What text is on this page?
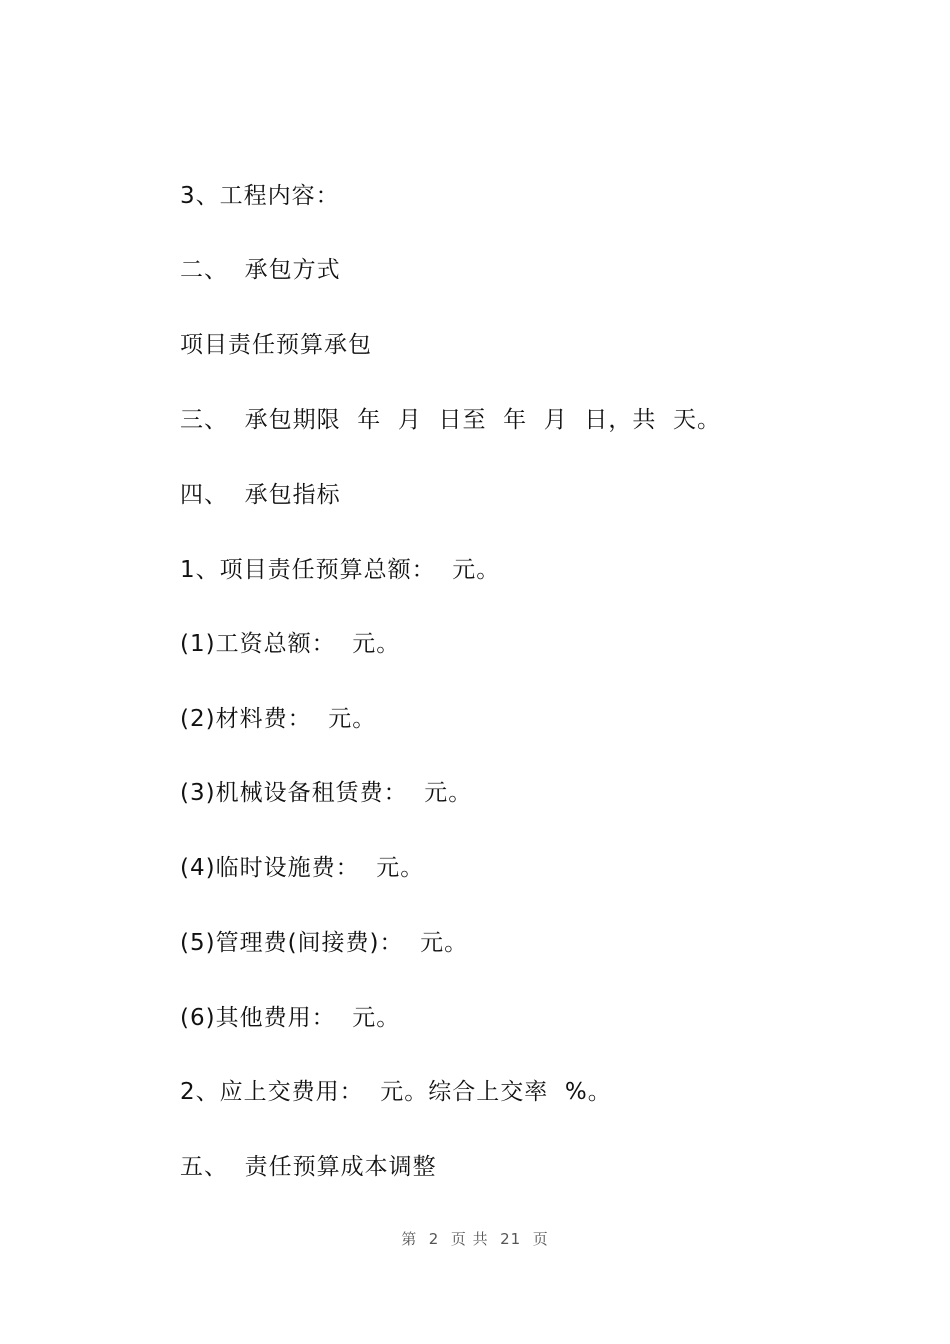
3、工程内容：
二、  承包方式
项目责任预算承包
三、  承包期限  年  月  日至  年  月  日，共  天。
四、  承包指标
1、项目责任预算总额：  元。
(1)工资总额：  元。
(2)材料费：  元。
(3)机械设备租赁费：  元。
(4)临时设施费：  元。
(5)管理费(间接费)：  元。
(6)其他费用：  元。
2、应上交费用：  元。综合上交率  %。
五、  责任预算成本调整
第  2  页 共  21  页
